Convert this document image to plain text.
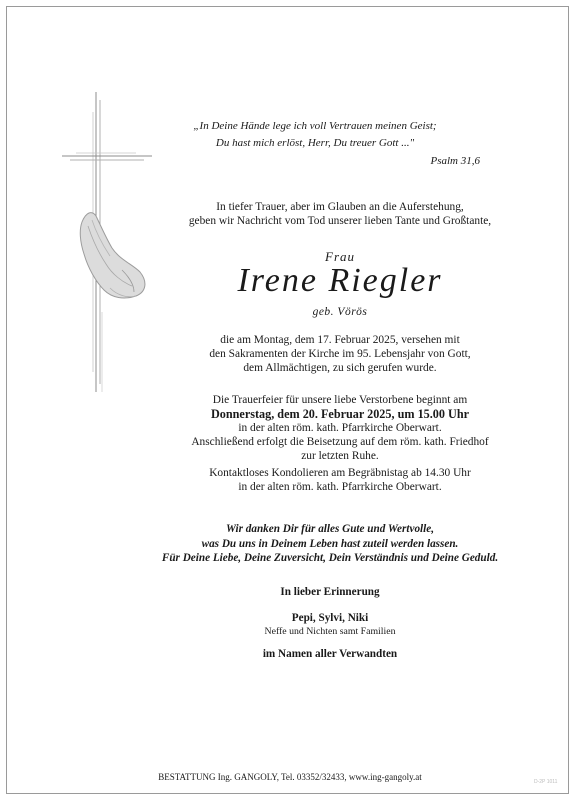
„In Deine Hände lege ich voll Vertrauen meinen Geist;
Du hast mich erlöst, Herr, Du treuer Gott ..."
Psalm 31,6
In tiefer Trauer, aber im Glauben an die Auferstehung,
geben wir Nachricht vom Tod unserer lieben Tante und Großtante,
Frau
Irene Riegler
geb. Vörös
die am Montag, dem 17. Februar 2025, versehen mit
den Sakramenten der Kirche im 95. Lebensjahr von Gott,
dem Allmächtigen, zu sich gerufen wurde.
Die Trauerfeier für unsere liebe Verstorbene beginnt am
Donnerstag, dem 20. Februar 2025, um 15.00 Uhr
in der alten röm. kath. Pfarrkirche Oberwart.
Anschließend erfolgt die Beisetzung auf dem röm. kath. Friedhof
zur letzten Ruhe.
Kontaktloses Kondolieren am Begräbnistag ab 14.30 Uhr
in der alten röm. kath. Pfarrkirche Oberwart.
Wir danken Dir für alles Gute und Wertvolle,
was Du uns in Deinem Leben hast zuteil werden lassen.
Für Deine Liebe, Deine Zuversicht, Dein Verständnis und Deine Geduld.
In lieber Erinnerung
Pepi, Sylvi, Niki
Neffe und Nichten samt Familien
im Namen aller Verwandten
BESTATTUNG Ing. GANGOLY, Tel. 03352/32433, www.ing-gangoly.at	D-2P 1011
